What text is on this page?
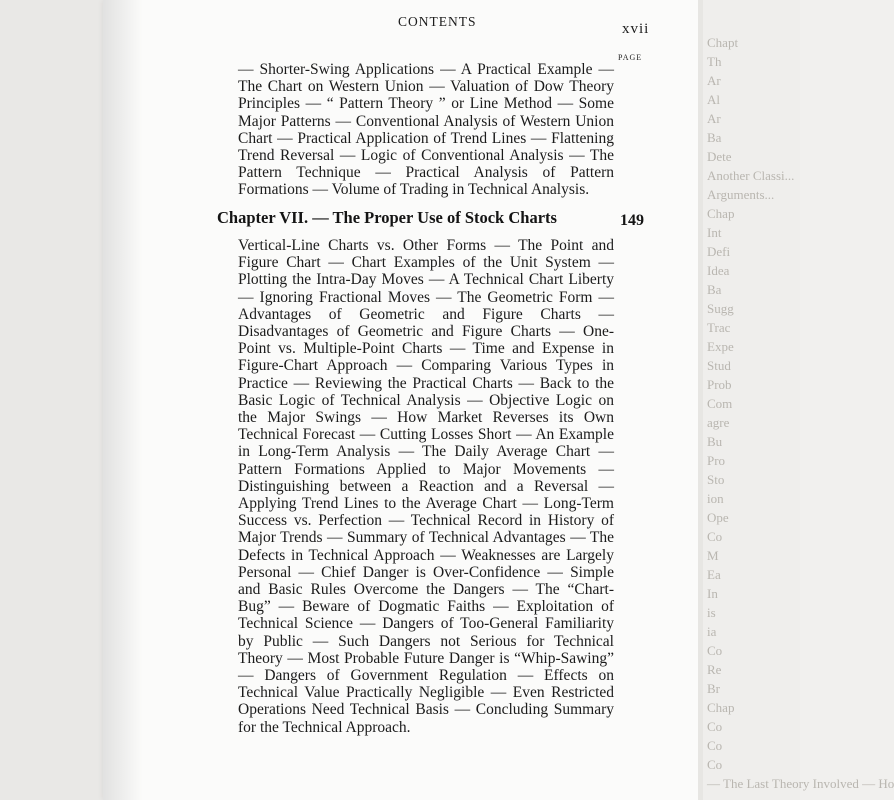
Chapt
Th
Ar
Al
Ar
Ba
Dete
Another Classi...
Arguments...
Chap
Int
Defi
Idea
Ba
Sugg
Trac
Expe
Stud
Prob
Com
agre
Bu
Pro
Sto
ion
Ope
Co
M
Ea
In
is
ia
Co
Re
Br
Chap
Co
Co
Co
— The Last Theory Involved — Ho
CONTENTS	xvii
PAGE

— Shorter-Swing Applications — A Practical Example — The Chart on Western Union — Valuation of Dow Theory Principles — “ Pattern Theory ” or Line Method — Some Major Patterns — Conventional Analysis of Western Union Chart — Practical Application of Trend Lines — Flattening Trend Reversal — Logic of Conventional Analysis — The Pattern Technique — Practical Analysis of Pattern Formations — Volume of Trading in Technical Analysis.

Chapter VII. — The Proper Use of Stock Charts	149

Vertical-Line Charts vs. Other Forms — The Point and Figure Chart — Chart Examples of the Unit System — Plotting the Intra-Day Moves — A Technical Chart Liberty — Ignoring Fractional Moves — The Geometric Form — Advantages of Geometric and Figure Charts — Disadvantages of Geometric and Figure Charts — One-Point vs. Multiple-Point Charts — Time and Expense in Figure-Chart Approach — Comparing Various Types in Practice — Reviewing the Practical Charts — Back to the Basic Logic of Technical Analysis — Objective Logic on the Major Swings — How Market Reverses its Own Technical Forecast — Cutting Losses Short — An Example in Long-Term Analysis — The Daily Average Chart — Pattern Formations Applied to Major Movements — Distinguishing between a Reaction and a Reversal — Applying Trend Lines to the Average Chart — Long-Term Success vs. Perfection — Technical Record in History of Major Trends — Summary of Technical Advantages — The Defects in Technical Approach — Weaknesses are Largely Personal — Chief Danger is Over-Confidence — Simple and Basic Rules Overcome the Dangers — The “Chart-Bug” — Beware of Dogmatic Faiths — Exploitation of Technical Science — Dangers of Too-General Familiarity by Public — Such Dangers not Serious for Technical Theory — Most Probable Future Danger is “Whip-Sawing” — Dangers of Government Regulation — Effects on Technical Value Practically Negligible — Even Restricted Operations Need Technical Basis — Concluding Summary for the Technical Approach.
